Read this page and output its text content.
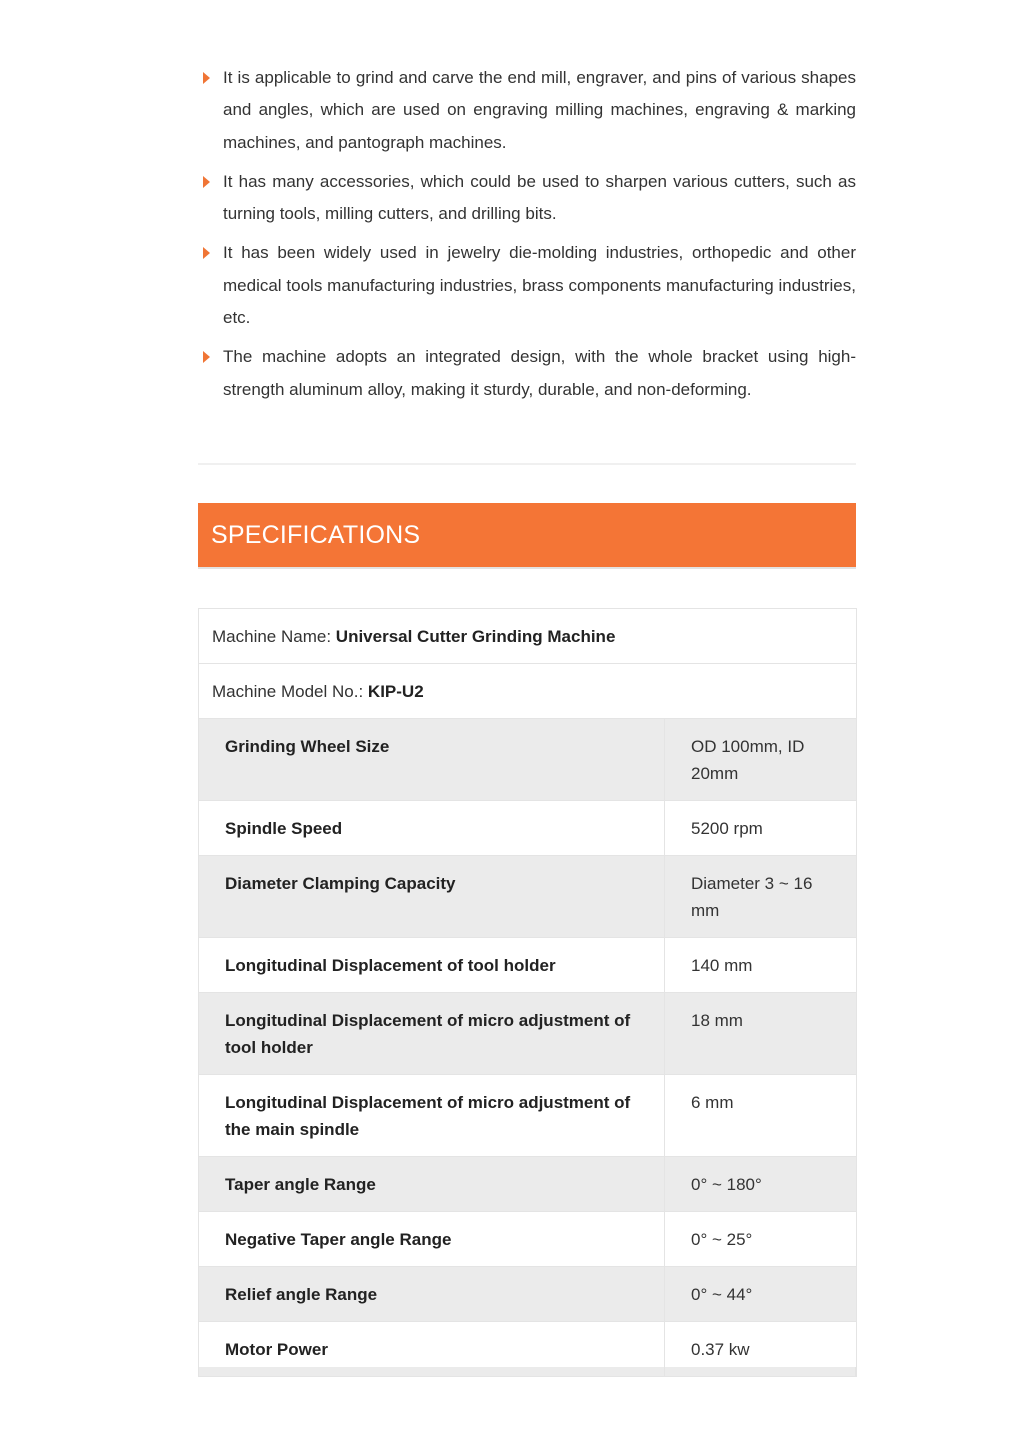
It is applicable to grind and carve the end mill, engraver, and pins of various shapes and angles, which are used on engraving milling machines, engraving & marking machines, and pantograph machines.
It has many accessories, which could be used to sharpen various cutters, such as turning tools, milling cutters, and drilling bits.
It has been widely used in jewelry die-molding industries, orthopedic and other medical tools manufacturing industries, brass components manufacturing industries, etc.
The machine adopts an integrated design, with the whole bracket using high-strength aluminum alloy, making it sturdy, durable, and non-deforming.
SPECIFICATIONS
Machine Name: Universal Cutter Grinding Machine	
Machine Model No.: KIP-U2	
Grinding Wheel Size	OD 100mm, ID 20mm
Spindle Speed	5200 rpm
Diameter Clamping Capacity	Diameter 3 ~ 16 mm
Longitudinal Displacement of tool holder	140 mm
Longitudinal Displacement of micro adjustment of tool holder	18 mm
Longitudinal Displacement of micro adjustment of the main spindle	6 mm
Taper angle Range	0° ~ 180°
Negative Taper angle Range	0° ~ 25°
Relief angle Range	0° ~ 44°
Motor Power	0.37 kw
